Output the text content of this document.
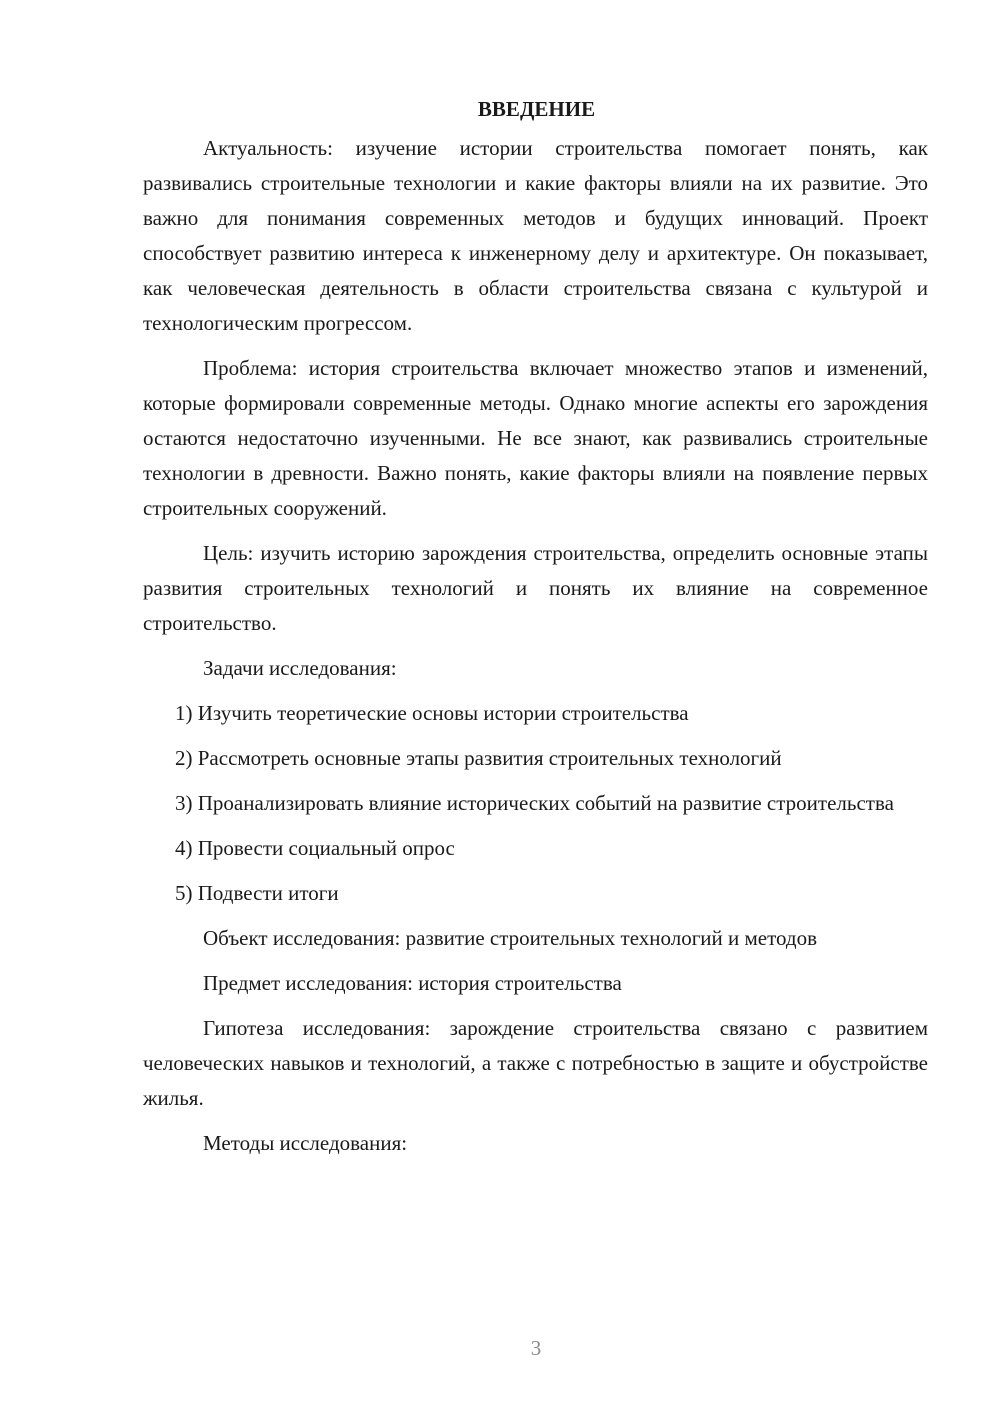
ВВЕДЕНИЕ

Актуальность: изучение истории строительства помогает понять, как развивались строительные технологии и какие факторы влияли на их развитие. Это важно для понимания современных методов и будущих инноваций. Проект способствует развитию интереса к инженерному делу и архитектуре. Он показывает, как человеческая деятельность в области строительства связана с культурой и технологическим прогрессом.

Проблема: история строительства включает множество этапов и изменений, которые формировали современные методы. Однако многие аспекты его зарождения остаются недостаточно изученными. Не все знают, как развивались строительные технологии в древности. Важно понять, какие факторы влияли на появление первых строительных сооружений.

Цель: изучить историю зарождения строительства, определить основные этапы развития строительных технологий и понять их влияние на современное строительство.

Задачи исследования:

1) Изучить теоретические основы истории строительства

2) Рассмотреть основные этапы развития строительных технологий

3) Проанализировать влияние исторических событий на развитие строительства

4) Провести социальный опрос

5) Подвести итоги

Объект исследования: развитие строительных технологий и методов

Предмет исследования: история строительства

Гипотеза исследования: зарождение строительства связано с развитием человеческих навыков и технологий, а также с потребностью в защите и обустройстве жилья.

Методы исследования:

3
